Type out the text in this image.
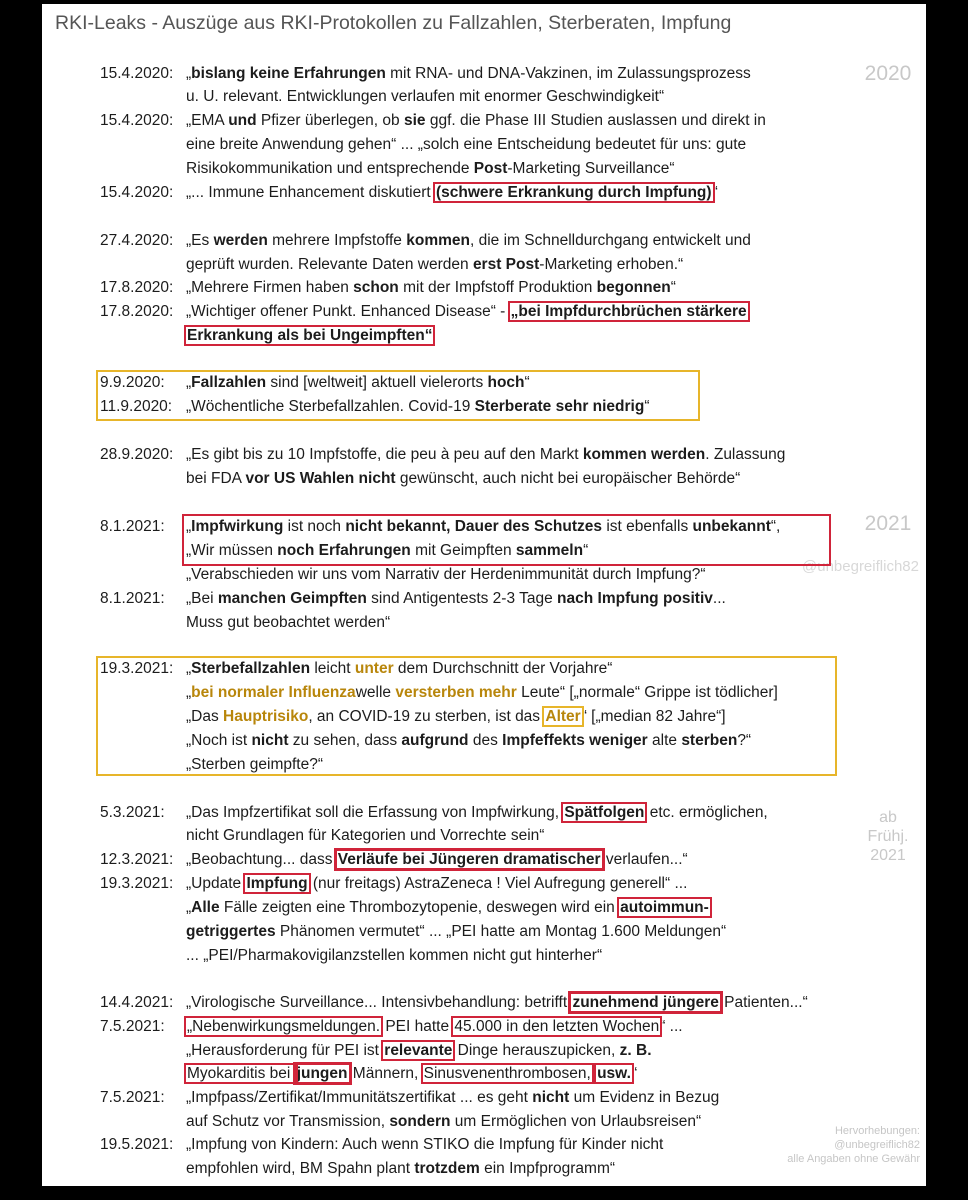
RKI-Leaks - Auszüge aus RKI-Protokollen zu Fallzahlen, Sterberaten, Impfung
2020
2021
@unbegreiflich82
ab
Frühj.
2021
Hervorhebungen:
@unbegreiflich82
alle Angaben ohne Gewähr
15.4.2020:
15.4.2020:
15.4.2020:
27.4.2020:
17.8.2020:
17.8.2020:
9.9.2020:
11.9.2020:
28.9.2020:
8.1.2021:
8.1.2021:
19.3.2021:
5.3.2021:
12.3.2021:
19.3.2021:
14.4.2021:
7.5.2021:
7.5.2021:
19.5.2021:
„bislang keine Erfahrungen mit RNA- und DNA-Vakzinen, im Zulassungsprozess
u. U. relevant. Entwicklungen verlaufen mit enormer Geschwindigkeit“
„EMA und Pfizer überlegen, ob sie ggf. die Phase III Studien auslassen und direkt in
eine breite Anwendung gehen“ ... „solch eine Entscheidung bedeutet für uns: gute
Risikokommunikation und entsprechende Post-Marketing Surveillance“
„... Immune Enhancement diskutiert (schwere Erkrankung durch Impfung)“
„Es werden mehrere Impfstoffe kommen, die im Schnelldurchgang entwickelt und
geprüft wurden. Relevante Daten werden erst Post-Marketing erhoben.“
„Mehrere Firmen haben schon mit der Impfstoff Produktion begonnen“
„Wichtiger offener Punkt. Enhanced Disease“ - „bei Impfdurchbrüchen stärkere
Erkrankung als bei Ungeimpften“
„Fallzahlen sind [weltweit] aktuell vielerorts hoch“
„Wöchentliche Sterbefallzahlen. Covid-19 Sterberate sehr niedrig“
„Es gibt bis zu 10 Impfstoffe, die peu à peu auf den Markt kommen werden. Zulassung
bei FDA vor US Wahlen nicht gewünscht, auch nicht bei europäischer Behörde“
„Impfwirkung ist noch nicht bekannt, Dauer des Schutzes ist ebenfalls unbekannt“,
„Wir müssen noch Erfahrungen mit Geimpften sammeln“
„Verabschieden wir uns vom Narrativ der Herdenimmunität durch Impfung?“
„Bei manchen Geimpften sind Antigentests 2-3 Tage nach Impfung positiv...
Muss gut beobachtet werden“
„Sterbefallzahlen leicht unter dem Durchschnitt der Vorjahre“
„bei normaler Influenzawelle versterben mehr Leute“ [„normale“ Grippe ist tödlicher]
„Das Hauptrisiko, an COVID-19 zu sterben, ist das Alter“ [„median 82 Jahre“]
„Noch ist nicht zu sehen, dass aufgrund des Impfeffekts weniger alte sterben?“
„Sterben geimpfte?“
„Das Impfzertifikat soll die Erfassung von Impfwirkung, Spätfolgen etc. ermöglichen,
nicht Grundlagen für Kategorien und Vorrechte sein“
„Beobachtung... dass Verläufe bei Jüngeren dramatischer verlaufen...“
„Update Impfung (nur freitags) AstraZeneca ! Viel Aufregung generell“ ...
„Alle Fälle zeigten eine Thrombozytopenie, deswegen wird ein autoimmun-
getriggertes Phänomen vermutet“ ... „PEI hatte am Montag 1.600 Meldungen“
... „PEI/Pharmakovigilanzstellen kommen nicht gut hinterher“
„Virologische Surveillance... Intensivbehandlung: betrifft zunehmend jüngere Patienten...“
„Nebenwirkungsmeldungen. PEI hatte 45.000 in den letzten Wochen“ ...
„Herausforderung für PEI ist relevante Dinge herauszupicken, z. B.
Myokarditis bei jungen Männern, Sinusvenenthrombosen, usw.“
„Impfpass/Zertifikat/Immunitätszertifikat ... es geht nicht um Evidenz in Bezug
auf Schutz vor Transmission, sondern um Ermöglichen von Urlaubsreisen“
„Impfung von Kindern: Auch wenn STIKO die Impfung für Kinder nicht
empfohlen wird, BM Spahn plant trotzdem ein Impfprogramm“
